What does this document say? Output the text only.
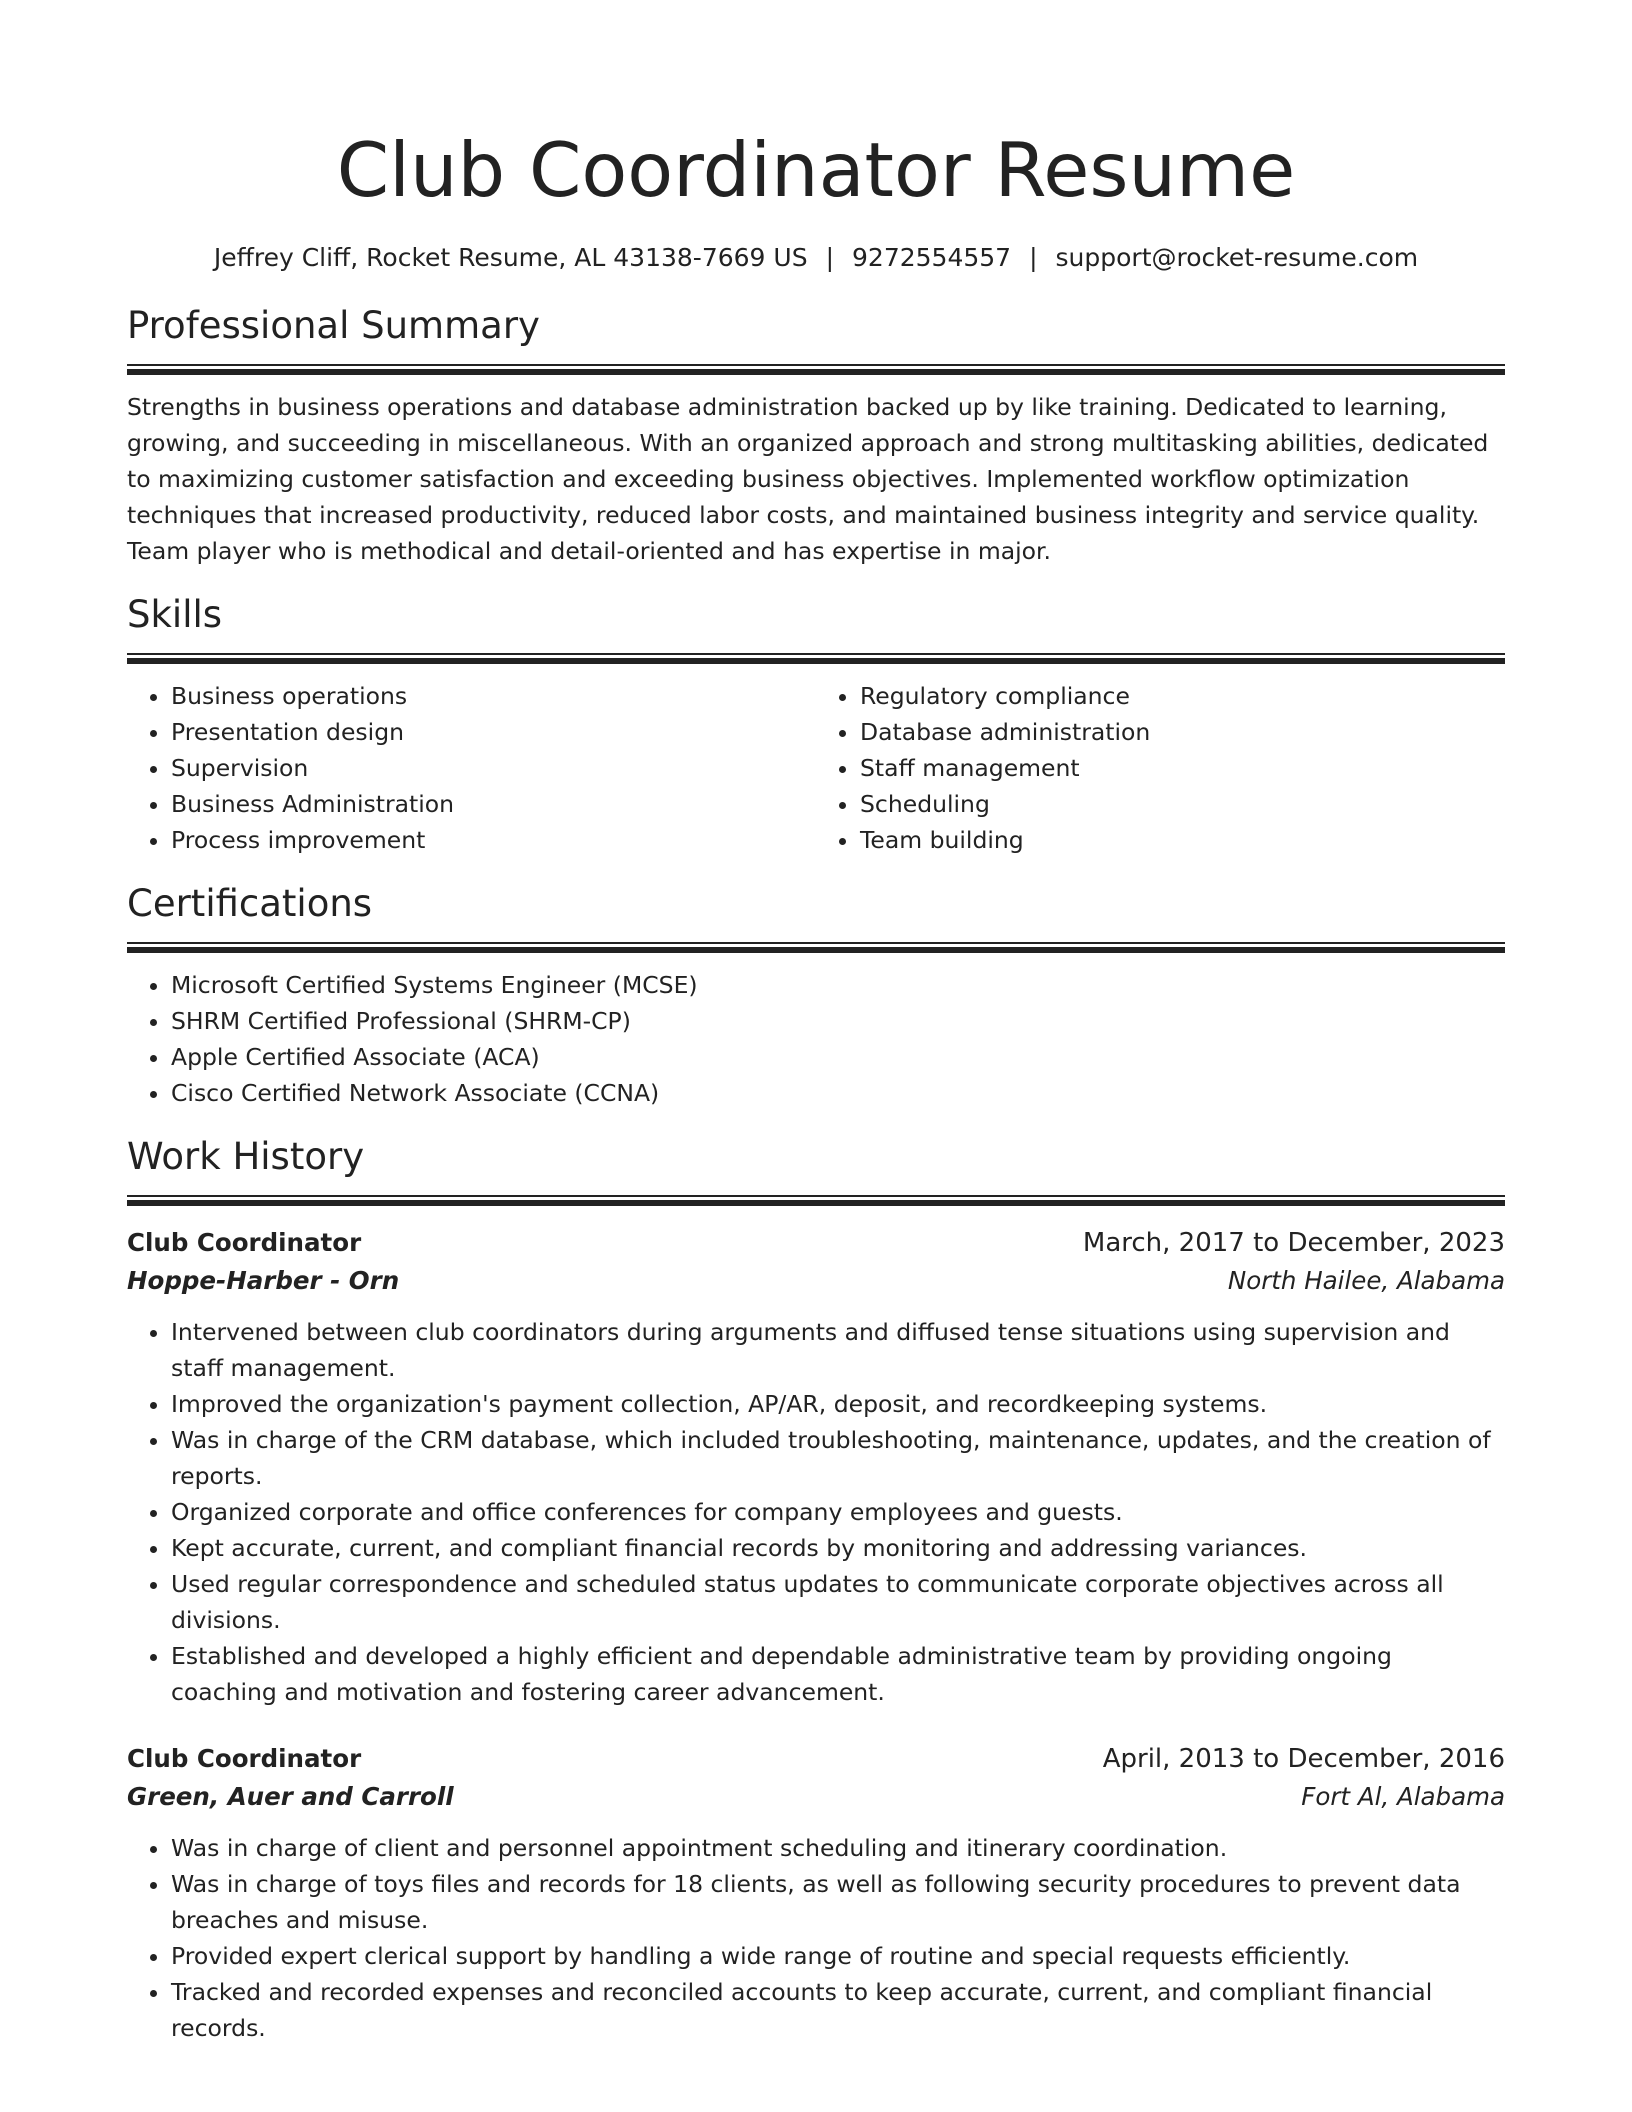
Club Coordinator Resume
Jeffrey Cliff, Rocket Resume, AL 43138-7669 US | 9272554557 | support@rocket-resume.com
Professional Summary

Strengths in business operations and database administration backed up by like training. Dedicated to learning, growing, and succeeding in miscellaneous. With an organized approach and strong multitasking abilities, dedicated to maximizing customer satisfaction and exceeding business objectives. Implemented workflow optimization techniques that increased productivity, reduced labor costs, and maintained business integrity and service quality. Team player who is methodical and detail-oriented and has expertise in major.

Skills
• Business operations
• Presentation design
• Supervision
• Business Administration
• Process improvement
• Regulatory compliance
• Database administration
• Staff management
• Scheduling
• Team building
Certifications
• Microsoft Certified Systems Engineer (MCSE)
• SHRM Certified Professional (SHRM-CP)
• Apple Certified Associate (ACA)
• Cisco Certified Network Associate (CCNA)
Work History
Club Coordinator	March, 2017 to December, 2023
Hoppe-Harber - Orn	North Hailee, Alabama
• Intervened between club coordinators during arguments and diffused tense situations using supervision and staff management.
• Improved the organization's payment collection, AP/AR, deposit, and recordkeeping systems.
• Was in charge of the CRM database, which included troubleshooting, maintenance, updates, and the creation of reports.
• Organized corporate and office conferences for company employees and guests.
• Kept accurate, current, and compliant financial records by monitoring and addressing variances.
• Used regular correspondence and scheduled status updates to communicate corporate objectives across all divisions.
• Established and developed a highly efficient and dependable administrative team by providing ongoing coaching and motivation and fostering career advancement.
Club Coordinator	April, 2013 to December, 2016
Green, Auer and Carroll	Fort Al, Alabama
• Was in charge of client and personnel appointment scheduling and itinerary coordination.
• Was in charge of toys files and records for 18 clients, as well as following security procedures to prevent data breaches and misuse.
• Provided expert clerical support by handling a wide range of routine and special requests efficiently.
• Tracked and recorded expenses and reconciled accounts to keep accurate, current, and compliant financial records.
